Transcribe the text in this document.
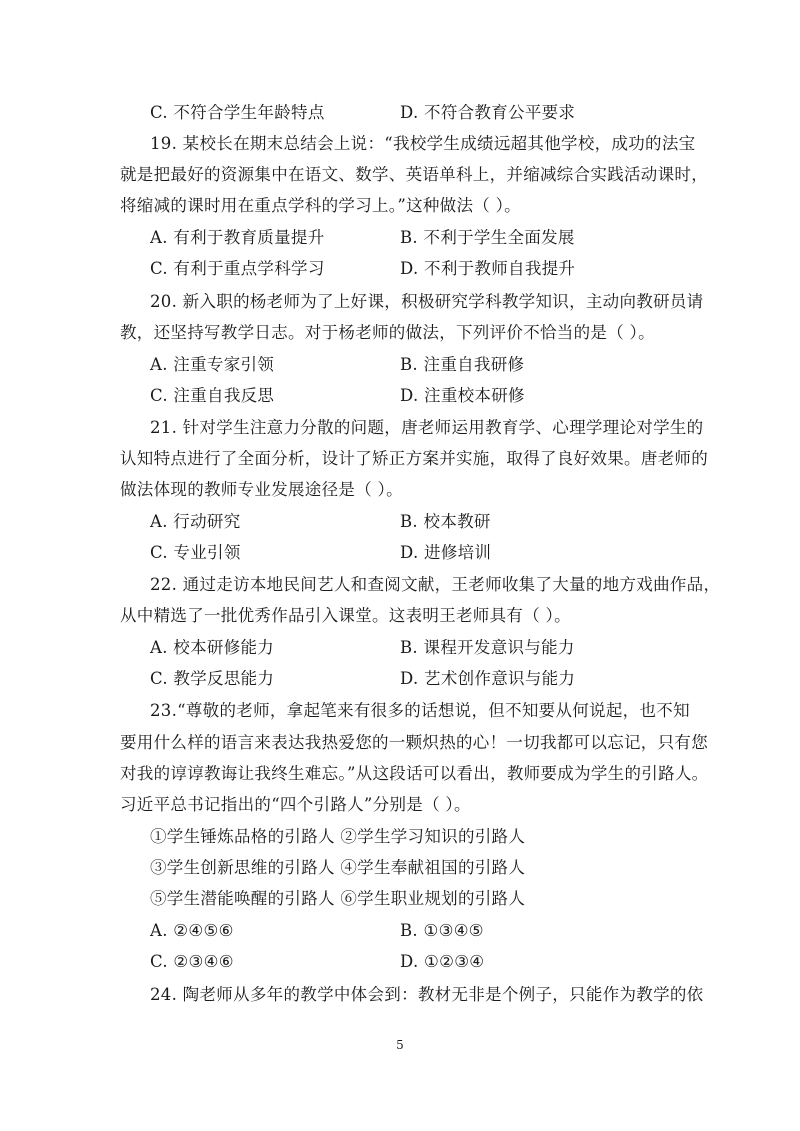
C. 不符合学生年龄特点	D. 不符合教育公平要求
19. 某校长在期末总结会上说：“我校学生成绩远超其他学校，成功的法宝
就是把最好的资源集中在语文、数学、英语单科上，并缩减综合实践活动课时，
将缩减的课时用在重点学科的学习上。”这种做法（ ）。
A. 有利于教育质量提升	B. 不利于学生全面发展
C. 有利于重点学科学习	D. 不利于教师自我提升
20. 新入职的杨老师为了上好课，积极研究学科教学知识，主动向教研员请
教，还坚持写教学日志。对于杨老师的做法，下列评价不恰当的是（ ）。
A. 注重专家引领	B. 注重自我研修
C. 注重自我反思	D. 注重校本研修
21. 针对学生注意力分散的问题，唐老师运用教育学、心理学理论对学生的
认知特点进行了全面分析，设计了矫正方案并实施，取得了良好效果。唐老师的
做法体现的教师专业发展途径是（ ）。
A. 行动研究	B. 校本教研
C. 专业引领	D. 进修培训
22. 通过走访本地民间艺人和查阅文献，王老师收集了大量的地方戏曲作品，
从中精选了一批优秀作品引入课堂。这表明王老师具有（ ）。
A. 校本研修能力	B. 课程开发意识与能力
C. 教学反思能力	D. 艺术创作意识与能力
23.“尊敬的老师，拿起笔来有很多的话想说，但不知要从何说起，也不知
要用什么样的语言来表达我热爱您的一颗炽热的心！一切我都可以忘记，只有您
对我的谆谆教诲让我终生难忘。”从这段话可以看出，教师要成为学生的引路人。
习近平总书记指出的“四个引路人”分别是（ ）。
①学生锤炼品格的引路人 ②学生学习知识的引路人
③学生创新思维的引路人 ④学生奉献祖国的引路人
⑤学生潜能唤醒的引路人 ⑥学生职业规划的引路人
A. ②④⑤⑥	B. ①③④⑤
C. ②③④⑥	D. ①②③④
24. 陶老师从多年的教学中体会到：教材无非是个例子，只能作为教学的依
5
